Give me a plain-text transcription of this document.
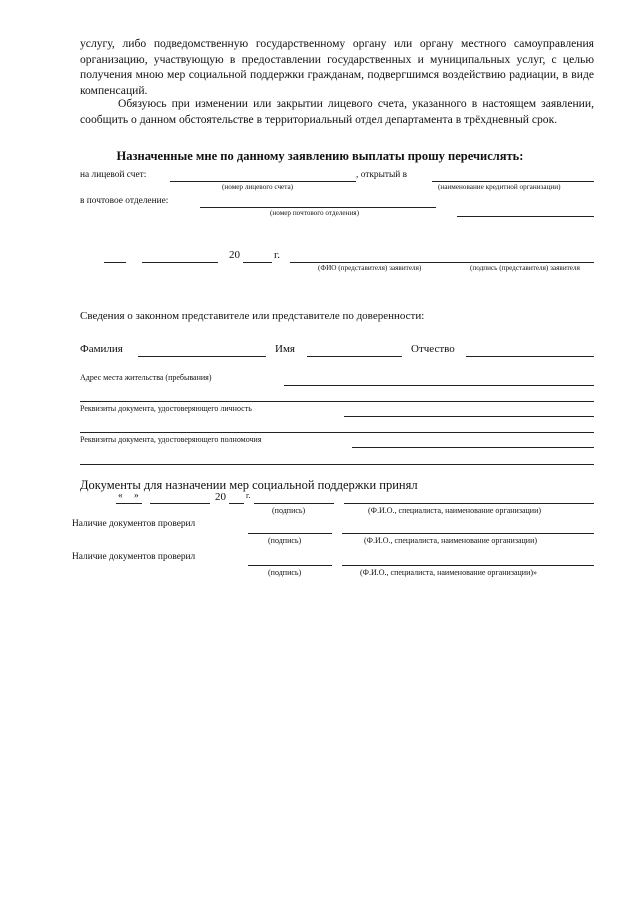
услугу, либо подведомственную государственному органу или органу местного самоуправления организацию, участвующую в предоставлении государственных и муниципальных услуг, с целью получения мною мер социальной поддержки гражданам, подвергшимся воздействию радиации, в виде компенсаций.

Обязуюсь при изменении или закрытии лицевого счета, указанного в настоящем заявлении, сообщить о данном обстоятельстве в территориальный отдел департамента в трёхдневный срок.

Назначенные мне по данному заявлению выплаты прошу перечислять:
на лицевой счет:	, открытый в
(номер лицевого счета)	(наименование кредитной организации)
в почтовое отделение:
(номер почтового отделения)
20	г.
(ФИО (представителя) заявителя)	(подпись (представителя) заявителя
Сведения о законном представителе или представителе по доверенности:
Фамилия	Имя	Отчество
Адрес места жительства (пребывания)
Реквизиты документа, удостоверяющего личность
Реквизиты документа, удостоверяющего полномочия
Документы для назначении мер социальной поддержки принял
« »	20	г.
(подпись)	(Ф.И.О., специалиста, наименование организации)
Наличие документов проверил
(подпись)	(Ф.И.О., специалиста, наименование организации)
Наличие документов проверил
(подпись)	(Ф.И.О., специалиста, наименование организации)»
